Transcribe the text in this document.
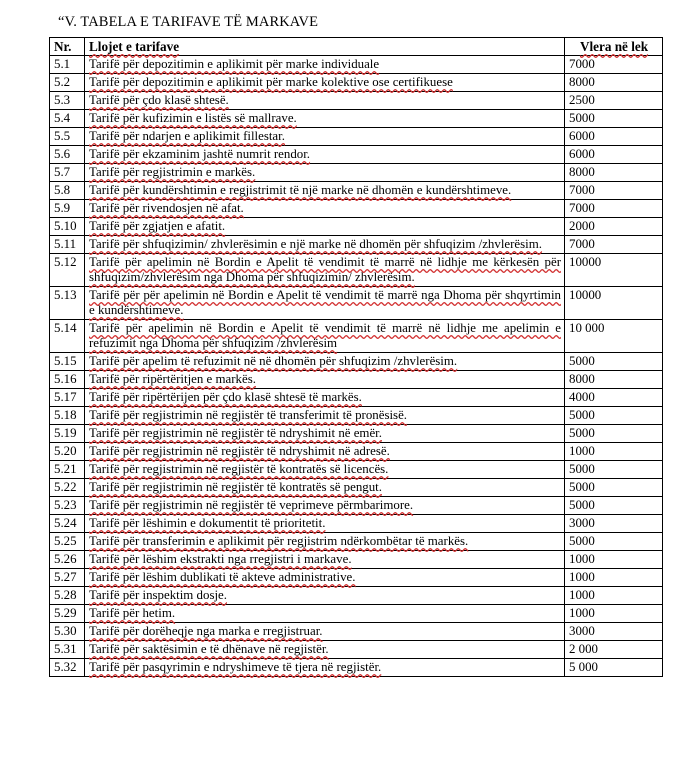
“V. TABELA E TARIFAVE TË MARKAVE
Nr.	Llojet e tarifave	Vlera në lek
5.1	Tarifë për depozitimin e aplikimit për marke individuale	7000
5.2	Tarifë për depozitimin e aplikimit për marke kolektive ose certifikuese	8000
5.3	Tarifë për çdo klasë shtesë.	2500
5.4	Tarifë për kufizimin e listës së mallrave.	5000
5.5	Tarifë për ndarjen e aplikimit fillestar.	6000
5.6	Tarifë për ekzaminim jashtë numrit rendor.	6000
5.7	Tarifë për regjistrimin e markës.	8000
5.8	Tarifë për kundërshtimin e regjistrimit të një marke në dhomën e kundërshtimeve.	7000
5.9	Tarifë për rivendosjen në afat.	7000
5.10	Tarifë për zgjatjen e afatit.	2000
5.11	Tarifë për shfuqizimin/ zhvlerësimin e një marke në dhomën për shfuqizim /zhvlerësim.	7000
5.12	Tarifë për apelimin në Bordin e Apelit të vendimit të marrë në lidhje me kërkesën për shfuqizim/zhvlerësim nga Dhoma për shfuqizimin/ zhvlerësim.	10000
5.13	Tarifë për për apelimin në Bordin e Apelit të vendimit të marrë nga Dhoma për shqyrtimin e kundërshtimeve.	10000
5.14	Tarifë për apelimin në Bordin e Apelit të vendimit të marrë në lidhje me apelimin e refuzimit nga Dhoma për shfuqizim /zhvlerësim	10 000
5.15	Tarifë për apelim të refuzimit në në dhomën për shfuqizim /zhvlerësim.	5000
5.16	Tarifë për ripërtëritjen e markës.	8000
5.17	Tarifë për ripërtërijen për çdo klasë shtesë të markës.	4000
5.18	Tarifë për regjistrimin në regjistër të transferimit të pronësisë.	5000
5.19	Tarifë për regjistrimin në regjistër të ndryshimit në emër.	5000
5.20	Tarifë për regjistrimin në regjistër të ndryshimit në adresë.	1000
5.21	Tarifë për regjistrimin në regjistër të kontratës së licencës.	5000
5.22	Tarifë për regjistrimin në regjistër të kontratës së pengut.	5000
5.23	Tarifë për regjistrimin në regjistër të veprimeve përmbarimore.	5000
5.24	Tarifë për lëshimin e dokumentit të prioritetit.	3000
5.25	Tarifë për transferimin e aplikimit për regjistrim ndërkombëtar të markës.	5000
5.26	Tarifë për lëshim ekstrakti nga rregjistri i markave.	1000
5.27	Tarifë për lëshim dublikati të akteve administrative.	1000
5.28	Tarifë për inspektim dosje.	1000
5.29	Tarifë për hetim.	1000
5.30	Tarifë për dorëheqje nga marka e rregjistruar.	3000
5.31	Tarifë për saktësimin e të dhënave në regjistër.	2 000
5.32	Tarifë për pasqyrimin e ndryshimeve të tjera në regjistër.	5 000
